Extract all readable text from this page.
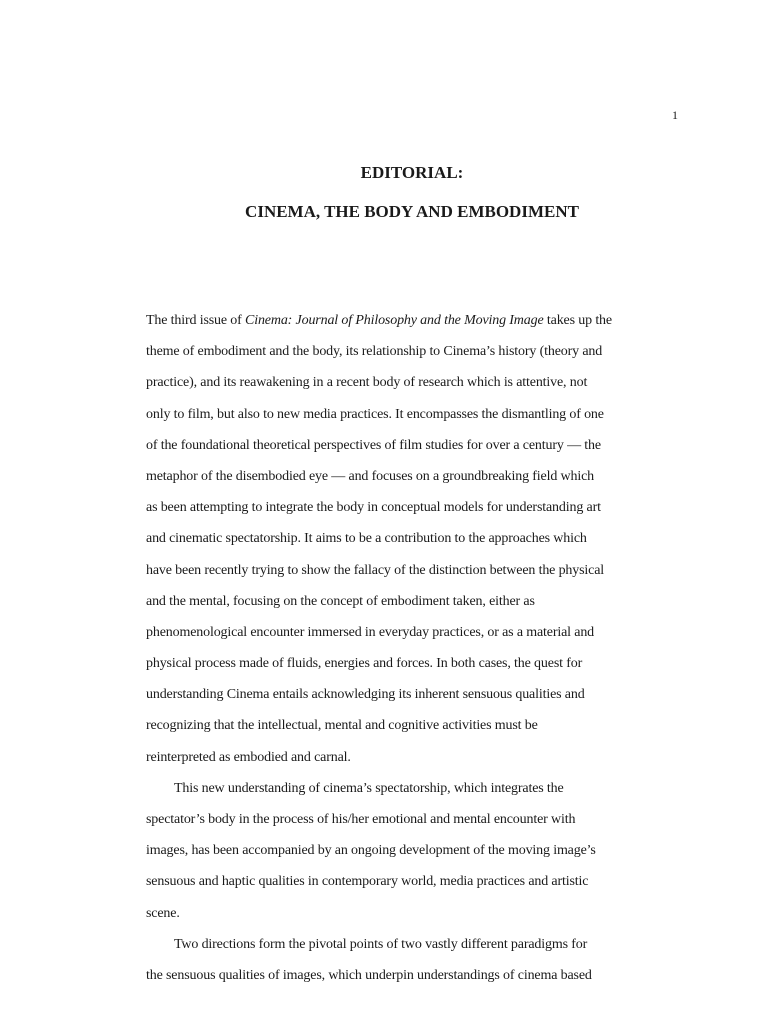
1
EDITORIAL:
CINEMA, THE BODY AND EMBODIMENT
The third issue of Cinema: Journal of Philosophy and the Moving Image takes up the
theme of embodiment and the body, its relationship to Cinema’s history (theory and
practice), and its reawakening in a recent body of research which is attentive, not
only to film, but also to new media practices. It encompasses the dismantling of one
of the foundational theoretical perspectives of film studies for over a century — the
metaphor of the disembodied eye — and focuses on a groundbreaking field which
as been attempting to integrate the body in conceptual models for understanding art
and cinematic spectatorship. It aims to be a contribution to the approaches which
have been recently trying to show the fallacy of the distinction between the physical
and the mental, focusing on the concept of embodiment taken, either as
phenomenological encounter immersed in everyday practices, or as a material and
physical process made of fluids, energies and forces. In both cases, the quest for
understanding Cinema entails acknowledging its inherent sensuous qualities and
recognizing that the intellectual, mental and cognitive activities must be
reinterpreted as embodied and carnal.
This new understanding of cinema’s spectatorship, which integrates the
spectator’s body in the process of his/her emotional and mental encounter with
images, has been accompanied by an ongoing development of the moving image’s
sensuous and haptic qualities in contemporary world, media practices and artistic
scene.
Two directions form the pivotal points of two vastly different paradigms for
the sensuous qualities of images, which underpin understandings of cinema based
